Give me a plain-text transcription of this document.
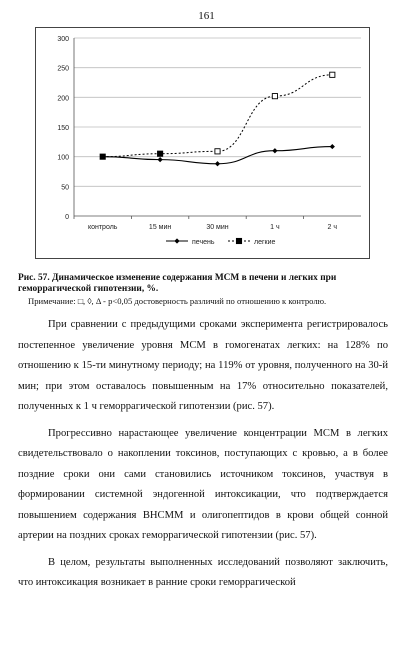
161
0
50
100
150
200
250
300
контроль	15 мин	30 мин	1 ч	2 ч
печень	легкие
Рис. 57. Динамическое изменение содержания МСМ в печени и легких при геморрагической гипотензии, %.
Примечание: □, ◊, Δ - p<0,05 достоверность различий по отношению к контролю.

При сравнении с предыдущими сроками эксперимента регистрировалось постепенное увеличение уровня МСМ в гомогенатах легких: на 128% по отношению к 15-ти минутному периоду; на 119% от уровня, полученного на 30-й мин; при этом оставалось повышенным на 17% относительно показателей, полученных к 1 ч геморрагической гипотензии (рис. 57).

Прогрессивно нарастающее увеличение концентрации МСМ в легких свидетельствовало о накоплении токсинов, поступающих с кровью, а в более поздние сроки они сами становились источником токсинов, участвуя в формировании системной эндогенной интоксикации, что подтверждается повышением содержания ВНСММ и олигопептидов в крови общей сонной артерии на поздних сроках геморрагической гипотензии (рис. 57).

В целом, результаты выполненных исследований позволяют заключить, что интоксикация возникает в ранние сроки геморрагической
